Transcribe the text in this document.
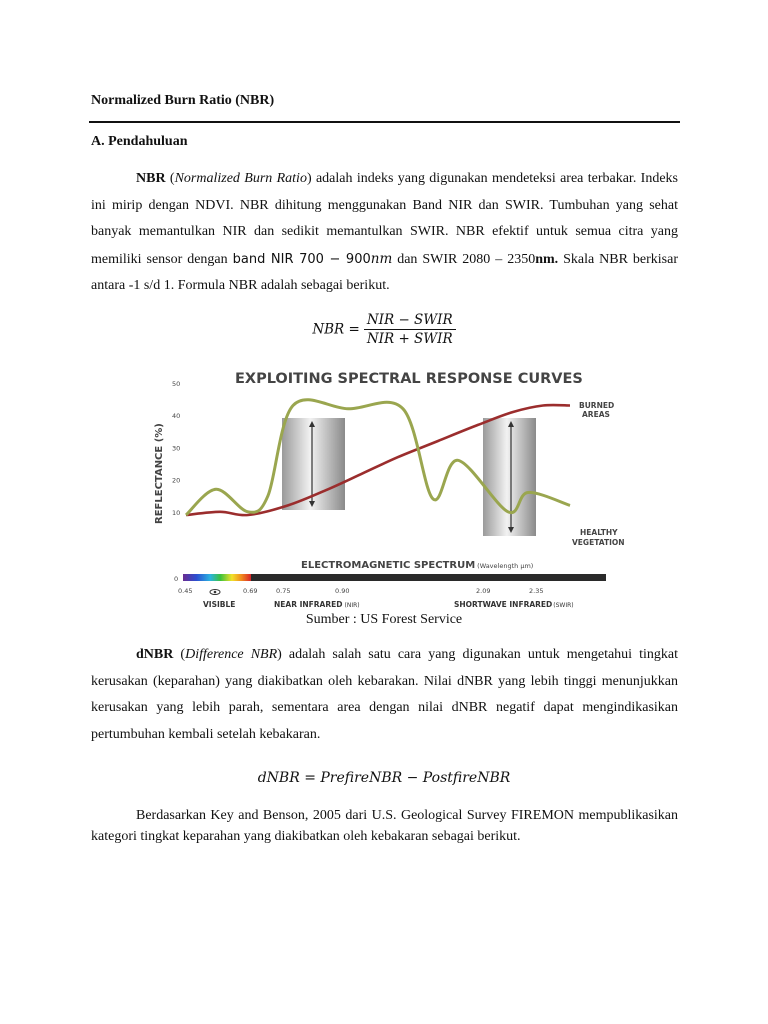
Normalized Burn Ratio (NBR)
A. Pendahuluan

NBR (Normalized Burn Ratio) adalah indeks yang digunakan mendeteksi area terbakar. Indeks ini mirip dengan NDVI. NBR dihitung menggunakan Band NIR dan SWIR. Tumbuhan yang sehat banyak memantulkan NIR dan sedikit memantulkan SWIR. NBR efektif untuk semua citra yang memiliki sensor dengan band NIR 700 − 900nm dan SWIR 2080 – 2350nm. Skala NBR berkisar antara -1 s/d 1. Formula NBR adalah sebagai berikut.

NBR = $\frac{\text{NIR − SWIR}}{\text{NIR + SWIR}}$
EXPLOITING SPECTRAL RESPONSE CURVES
10
20
30
40
50
REFLECTANCE (%)
BURNED
AREAS
HEALTHY
VEGETATION
ELECTROMAGNETIC SPECTRUM (Wavelength μm)
0
0.45	0.69	0.75	0.90	2.09	2.35
VISIBLE	NEAR INFRARED (NIR)	SHORTWAVE INFRARED(SWIR)
Sumber : US Forest Service

dNBR (Difference NBR) adalah salah satu cara yang digunakan untuk mengetahui tingkat kerusakan (keparahan) yang diakibatkan oleh kebarakan. Nilai dNBR yang lebih tinggi menunjukkan kerusakan yang lebih parah, sementara area dengan nilai dNBR negatif dapat mengindikasikan pertumbuhan kembali setelah kebakaran.

dNBR = PrefireNBR − PostfireNBR

Berdasarkan Key and Benson, 2005 dari U.S. Geological Survey FIREMON mempublikasikan kategori tingkat keparahan yang diakibatkan oleh kebakaran sebagai berikut.
